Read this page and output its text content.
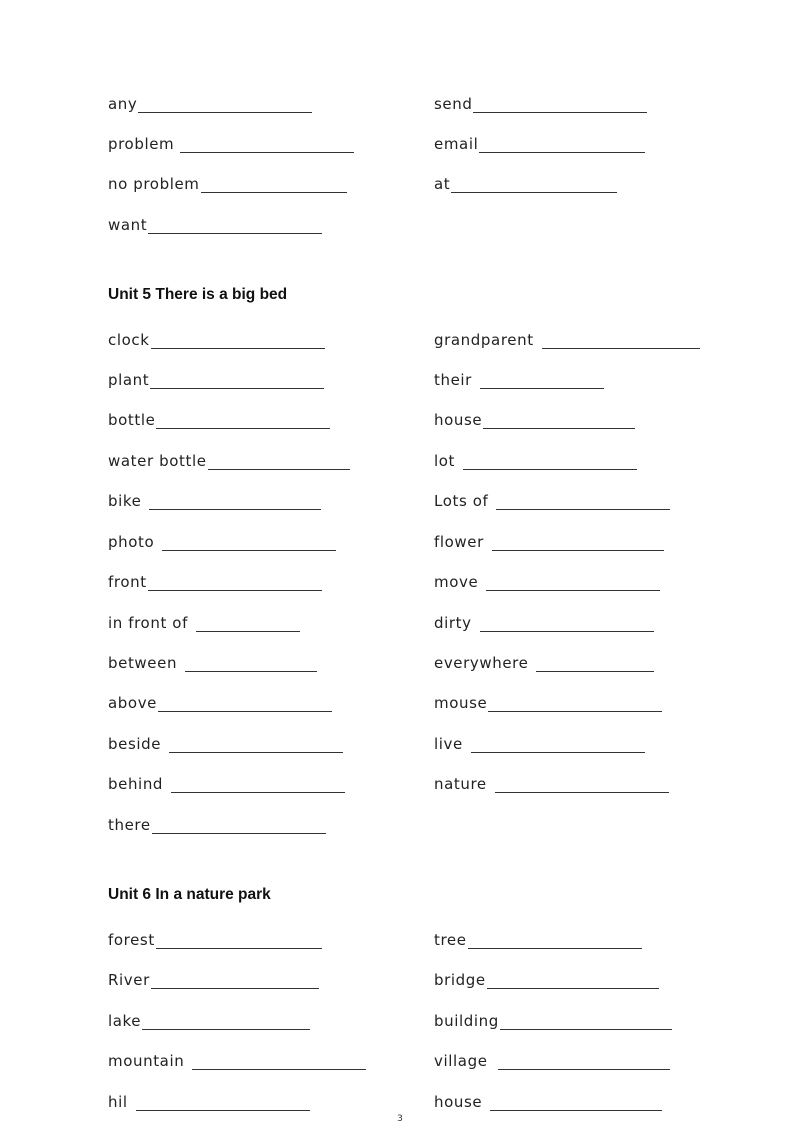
any
problem
no problem
want
send
email
at
Unit 5 There is a big bed
clock
plant
bottle
water bottle
bike
photo
front
in front of
between
above
beside
behind
there
grandparent
their
house
lot
Lots of
flower
move
dirty
everywhere
mouse
live
nature
Unit 6 In a nature park
forest
River
lake
mountain
hil
tree
bridge
building
village
house
3
